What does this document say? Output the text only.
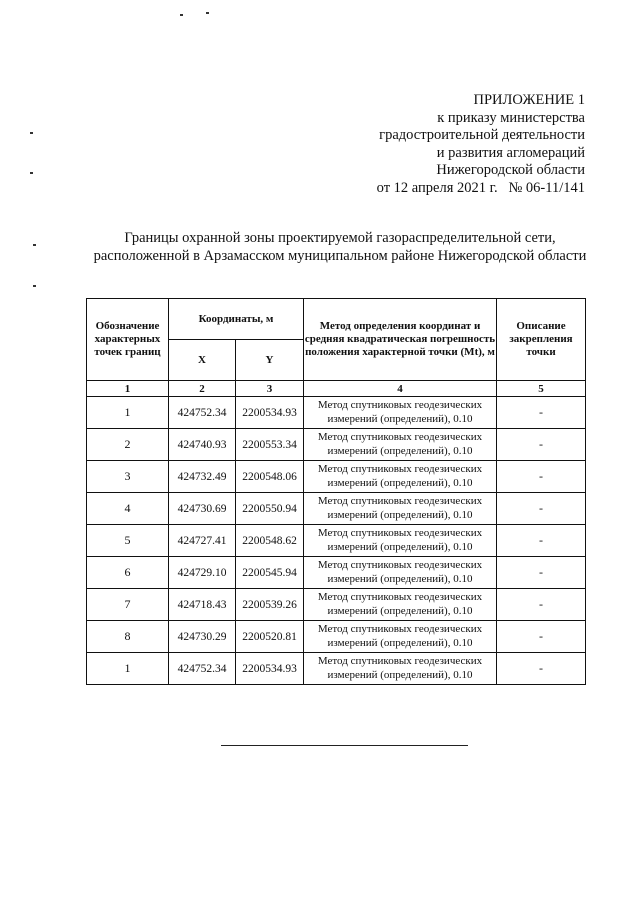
ПРИЛОЖЕНИЕ 1
к приказу министерства
градостроительной деятельности
и развития агломераций
Нижегородской области
от 12 апреля 2021 г.   № 06-11/141
Границы охранной зоны проектируемой газораспределительной сети,
расположенной в Арзамасском муниципальном районе Нижегородской области
Обозначение характерных точек границ	Координаты, м		Метод определения координат и средняя квадратическая погрешность положения характерной точки (Mt), м	Описание закрепления точки
	X	Y		
1	2	3	4	5
1	424752.34	2200534.93	Метод спутниковых геодезических измерений (определений), 0.10	-
2	424740.93	2200553.34	Метод спутниковых геодезических измерений (определений), 0.10	-
3	424732.49	2200548.06	Метод спутниковых геодезических измерений (определений), 0.10	-
4	424730.69	2200550.94	Метод спутниковых геодезических измерений (определений), 0.10	-
5	424727.41	2200548.62	Метод спутниковых геодезических измерений (определений), 0.10	-
6	424729.10	2200545.94	Метод спутниковых геодезических измерений (определений), 0.10	-
7	424718.43	2200539.26	Метод спутниковых геодезических измерений (определений), 0.10	-
8	424730.29	2200520.81	Метод спутниковых геодезических измерений (определений), 0.10	-
1	424752.34	2200534.93	Метод спутниковых геодезических измерений (определений), 0.10	-
